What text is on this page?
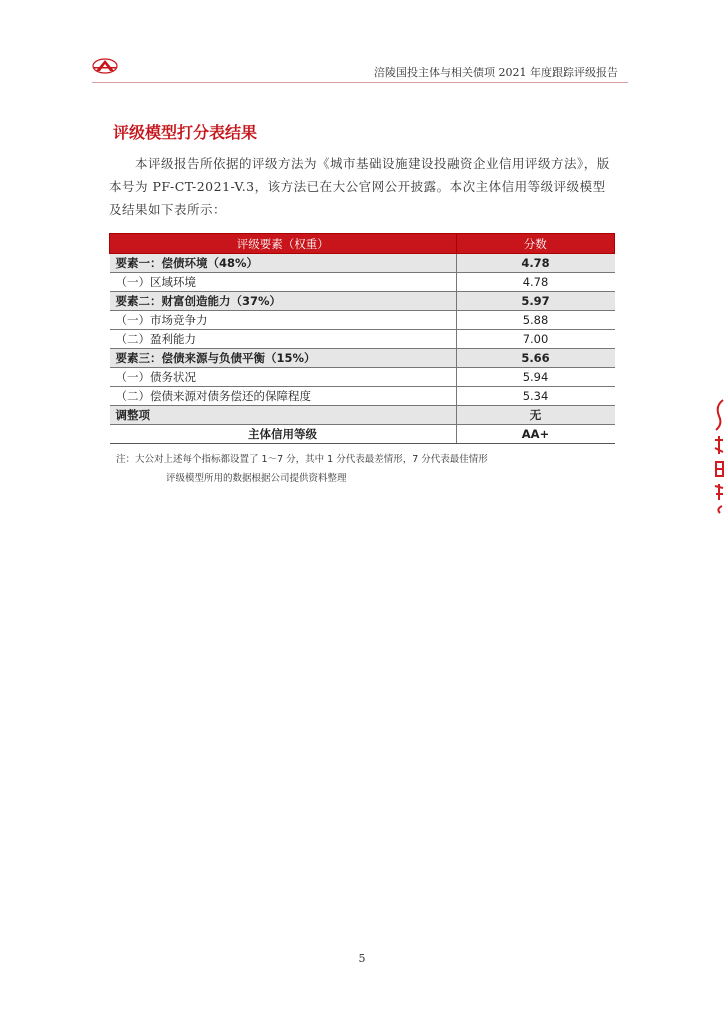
涪陵国投主体与相关债项 2021 年度跟踪评级报告
评级模型打分表结果

本评级报告所依据的评级方法为《城市基础设施建设投融资企业信用评级方法》，版本号为 PF-CT-2021-V.3，该方法已在大公官网公开披露。本次主体信用等级评级模型及结果如下表所示：

评级要素（权重）	分数
要素一：偿债环境（48%）	4.78
（一）区域环境	4.78
要素二：财富创造能力（37%）	5.97
（一）市场竞争力	5.88
（二）盈利能力	7.00
要素三：偿债来源与负债平衡（15%）	5.66
（一）债务状况	5.94
（二）偿债来源对债务偿还的保障程度	5.34
调整项	无
主体信用等级	AA+
注：大公对上述每个指标都设置了 1～7 分，其中 1 分代表最差情形，7 分代表最佳情形
评级模型所用的数据根据公司提供资料整理
5
